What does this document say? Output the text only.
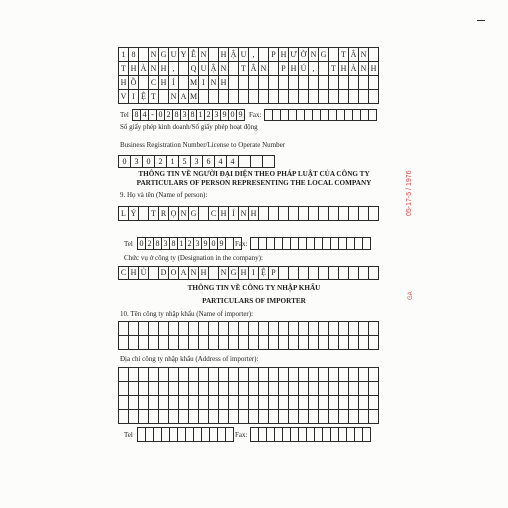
1 8	N G U Y Ễ N	H Ậ U ,	P H Ư Ờ N G	T Â N
T H À N H ,	Q U Ậ N	T Â N	P H Ú ,	T H À N H
H Ồ	C H Í	M I N H
V I Ệ T	N A M
Tel 8 4 - 0 2 8 3 8 1 2 3 9 0 9 Fax:
Số giấy phép kinh doanh/Số giấy phép hoạt động
Business Registration Number/License to Operate Number
0	3	0	2	1	5	3	6	4	4
THÔNG TIN VỀ NGƯỜI ĐẠI DIỆN THEO PHÁP LUẬT CỦA CÔNG TY
PARTICULARS OF PERSON REPRESENTING THE LOCAL COMPANY
9. Họ và tên (Name of person):
L Ý	T R Ọ N G	C H Í N H
Tel 0 2 8 3 8 1 2 3 9 0 9	Fax:
Chức vụ ở công ty (Designation in the company):
C H Ủ	D O A N H	N G H I Ệ P
THÔNG TIN VỀ CÔNG TY NHẬP KHẨU
PARTICULARS OF IMPORTER
10. Tên công ty nhập khẩu (Name of importer):
Địa chỉ công ty nhập khẩu (Address of importer):
Tel	Fax:
05-17-5 / 1976
GA
